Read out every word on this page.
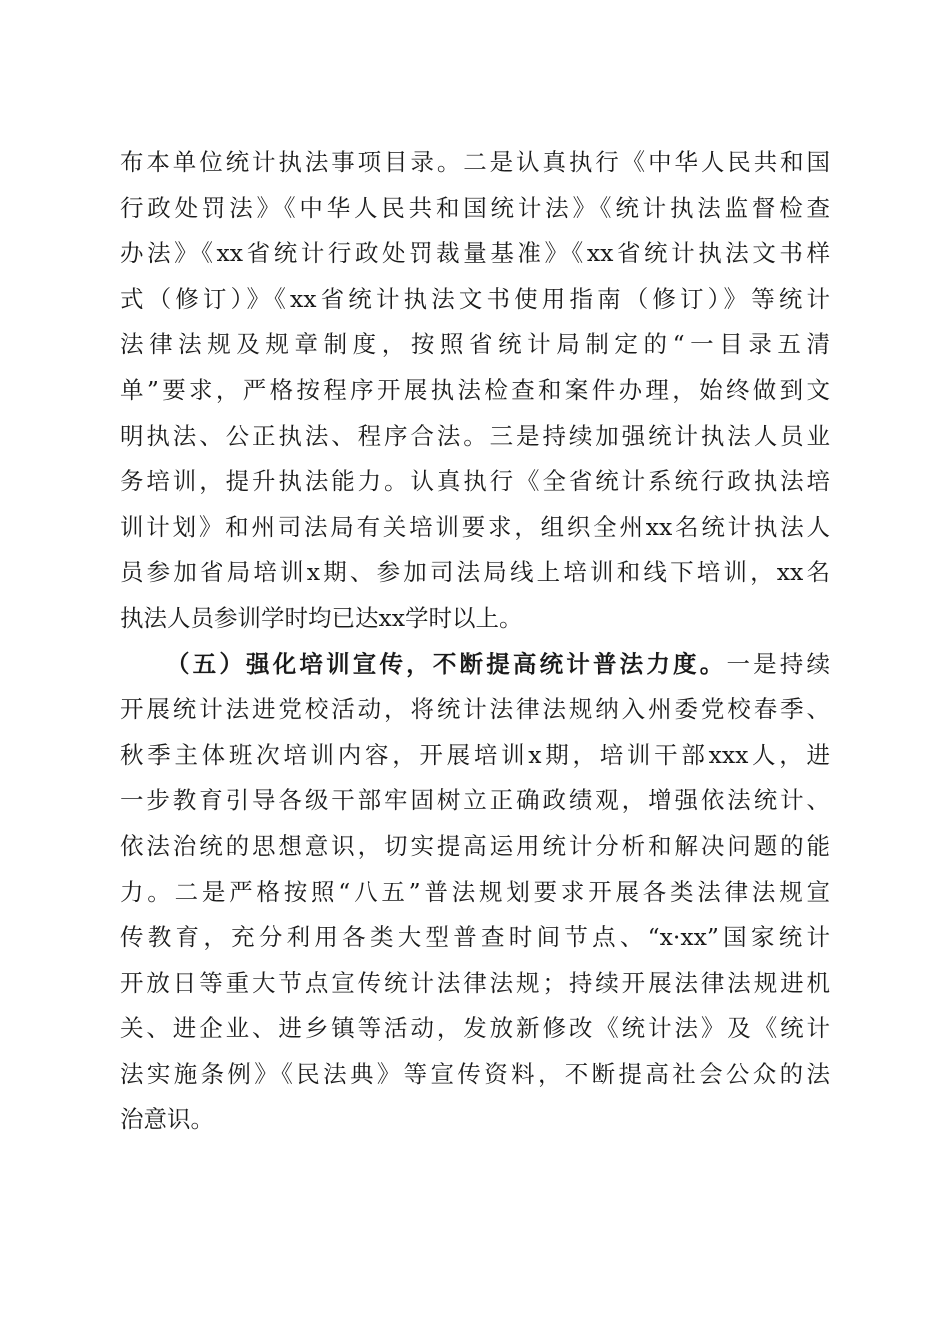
布本单位统计执法事项目录。二是认真执行《中华人民共和国
行政处罚法》《中华人民共和国统计法》《统计执法监督检查
办法》《xx省统计行政处罚裁量基准》《xx省统计执法文书样
式（修订）》《xx省统计执法文书使用指南（修订）》等统计
法律法规及规章制度，按照省统计局制定的“一目录五清
单”要求，严格按程序开展执法检查和案件办理，始终做到文
明执法、公正执法、程序合法。三是持续加强统计执法人员业
务培训，提升执法能力。认真执行《全省统计系统行政执法培
训计划》和州司法局有关培训要求，组织全州xx名统计执法人
员参加省局培训x期、参加司法局线上培训和线下培训，xx名
执法人员参训学时均已达xx学时以上。
（五）强化培训宣传，不断提高统计普法力度。一是持续
开展统计法进党校活动，将统计法律法规纳入州委党校春季、
秋季主体班次培训内容，开展培训x期，培训干部xxx人，进
一步教育引导各级干部牢固树立正确政绩观，增强依法统计、
依法治统的思想意识，切实提高运用统计分析和解决问题的能
力。二是严格按照“八五”普法规划要求开展各类法律法规宣
传教育，充分利用各类大型普查时间节点、“x·xx”国家统计
开放日等重大节点宣传统计法律法规；持续开展法律法规进机
关、进企业、进乡镇等活动，发放新修改《统计法》及《统计
法实施条例》《民法典》等宣传资料，不断提高社会公众的法
治意识。
